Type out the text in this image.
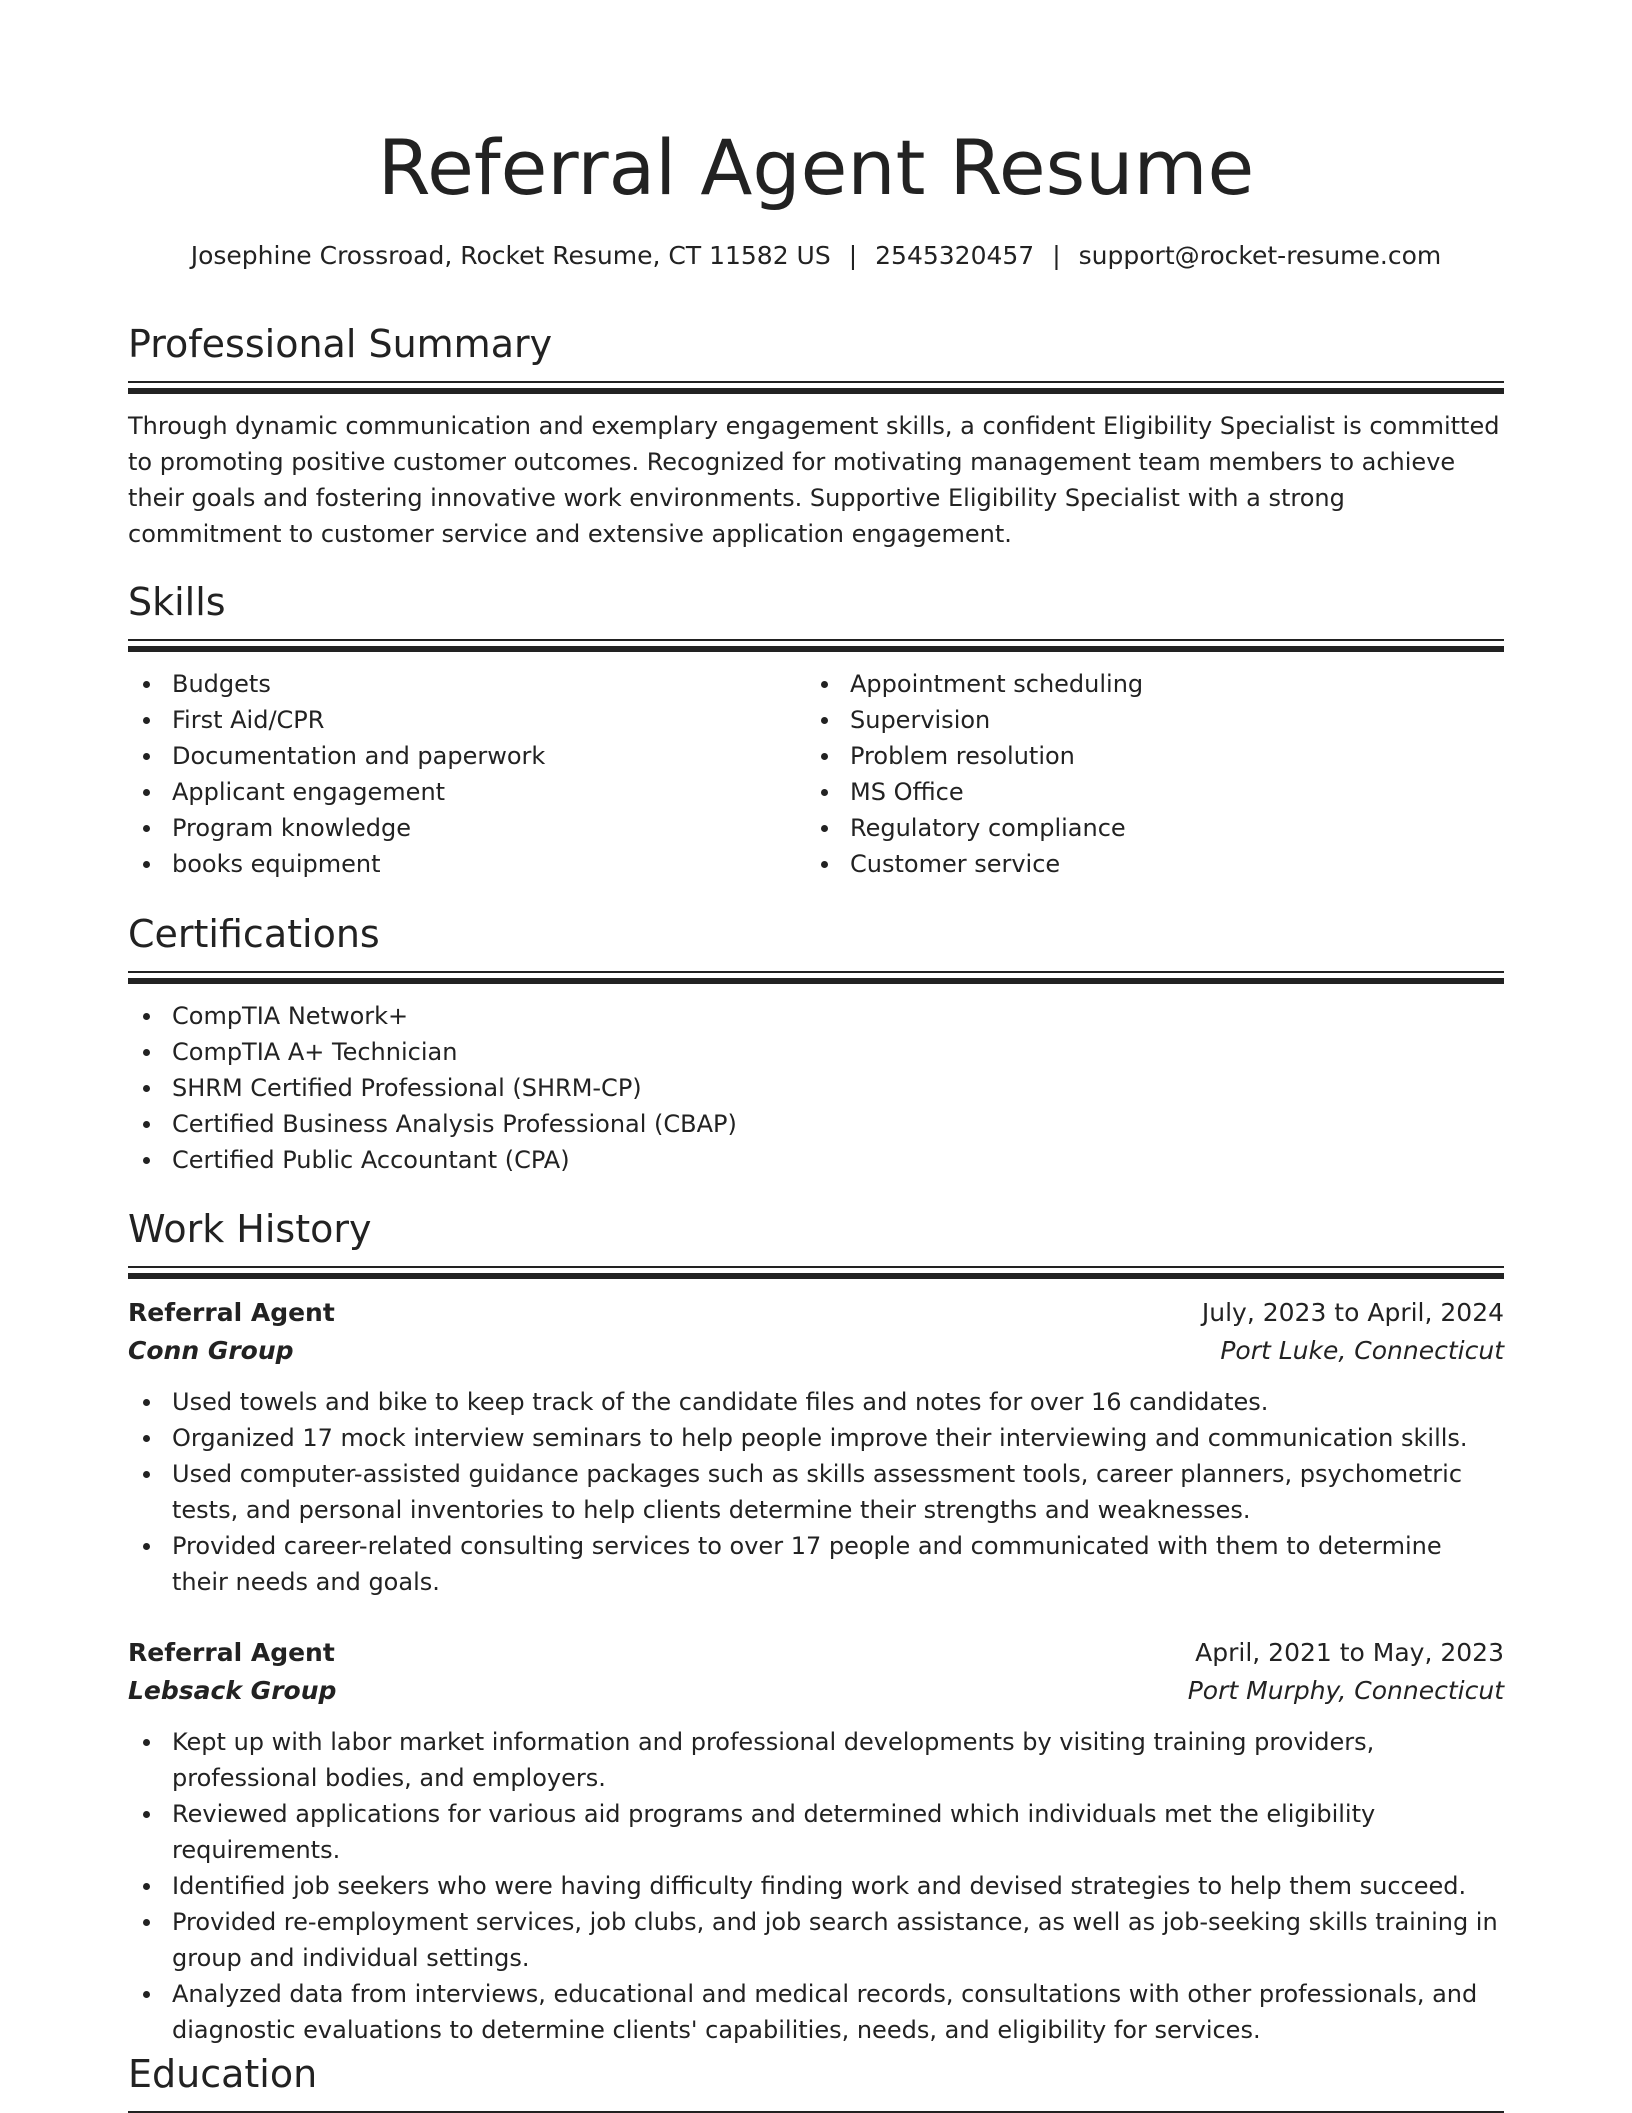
Referral Agent Resume
Josephine Crossroad, Rocket Resume, CT 11582 US | 2545320457 | support@rocket-resume.com
Professional Summary

Through dynamic communication and exemplary engagement skills, a confident Eligibility Specialist is committed to promoting positive customer outcomes. Recognized for motivating management team members to achieve their goals and fostering innovative work environments. Supportive Eligibility Specialist with a strong commitment to customer service and extensive application engagement.

Skills
Budgets
First Aid/CPR
Documentation and paperwork
Applicant engagement
Program knowledge
books equipment
Appointment scheduling
Supervision
Problem resolution
MS Office
Regulatory compliance
Customer service
Certifications
CompTIA Network+
CompTIA A+ Technician
SHRM Certified Professional (SHRM-CP)
Certified Business Analysis Professional (CBAP)
Certified Public Accountant (CPA)
Work History
Referral Agent	July, 2023 to April, 2024
Conn Group	Port Luke, Connecticut
Used towels and bike to keep track of the candidate files and notes for over 16 candidates.
Organized 17 mock interview seminars to help people improve their interviewing and communication skills.
Used computer-assisted guidance packages such as skills assessment tools, career planners, psychometric tests, and personal inventories to help clients determine their strengths and weaknesses.
Provided career-related consulting services to over 17 people and communicated with them to determine their needs and goals.
Referral Agent	April, 2021 to May, 2023
Lebsack Group	Port Murphy, Connecticut
Kept up with labor market information and professional developments by visiting training providers, professional bodies, and employers.
Reviewed applications for various aid programs and determined which individuals met the eligibility requirements.
Identified job seekers who were having difficulty finding work and devised strategies to help them succeed.
Provided re-employment services, job clubs, and job search assistance, as well as job-seeking skills training in group and individual settings.
Analyzed data from interviews, educational and medical records, consultations with other professionals, and diagnostic evaluations to determine clients' capabilities, needs, and eligibility for services.
Education
